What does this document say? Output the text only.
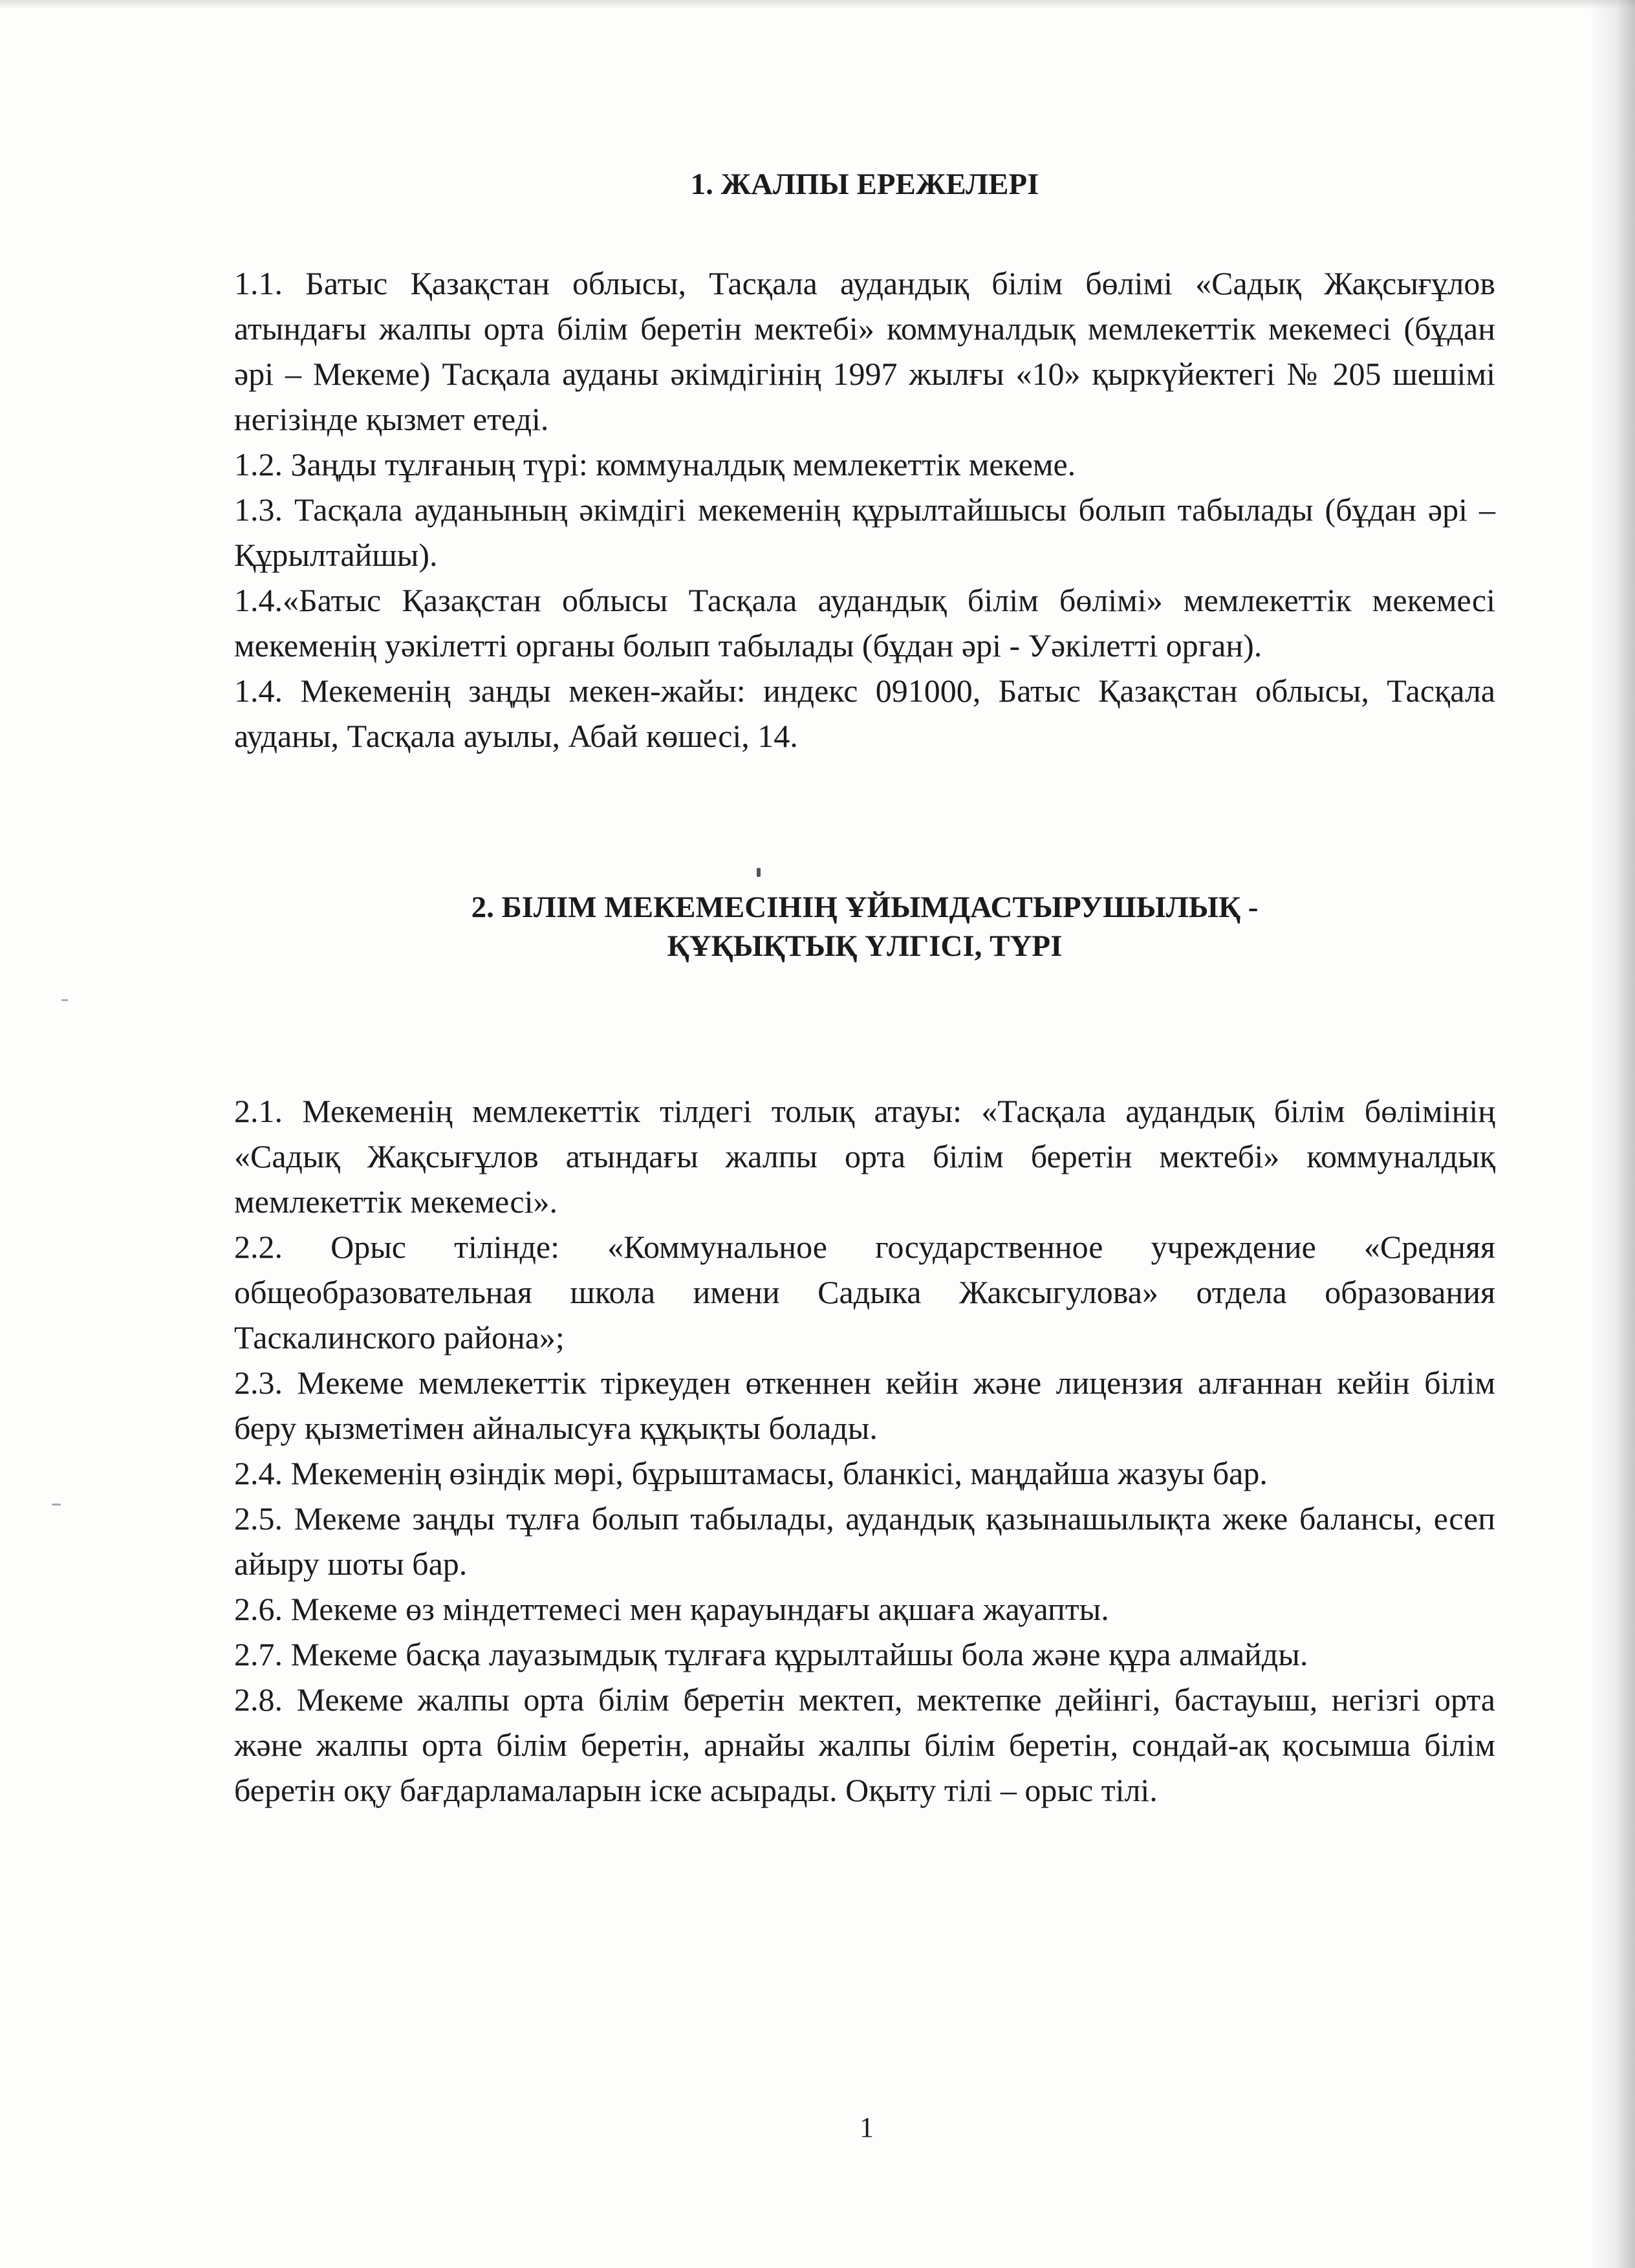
1. ЖАЛПЫ ЕРЕЖЕЛЕРІ

1.1. Батыс Қазақстан облысы, Тасқала аудандық білім бөлімі «Садық Жақсығұлов атындағы жалпы орта білім беретін мектебі» коммуналдық мемлекеттік мекемесі (бұдан әрі – Мекеме) Тасқала ауданы әкімдігінің 1997 жылғы «10» қыркүйектегі № 205 шешімі негізінде қызмет етеді.

1.2. Заңды тұлғаның түрі: коммуналдық мемлекеттік мекеме.

1.3. Тасқала ауданының әкімдігі мекеменің құрылтайшысы болып табылады (бұдан әрі – Құрылтайшы).

1.4.«Батыс Қазақстан облысы Тасқала аудандық білім бөлімі» мемлекеттік мекемесі мекеменің уәкілетті органы болып табылады (бұдан әрі - Уәкілетті орган).

1.4. Мекеменің заңды мекен-жайы: индекс 091000, Батыс Қазақстан облысы, Тасқала ауданы, Тасқала ауылы, Абай көшесі, 14.

2. БІЛІМ МЕКЕМЕСІНІҢ ҰЙЫМДАСТЫРУШЫЛЫҚ -
ҚҰҚЫҚТЫҚ ҮЛГІСІ, ТҮРІ

2.1. Мекеменің мемлекеттік тілдегі толық атауы: «Тасқала аудандық білім бөлімінің «Садық Жақсығұлов атындағы жалпы орта білім беретін мектебі» коммуналдық мемлекеттік мекемесі».

2.2. Орыс тілінде: «Коммунальное государственное учреждение «Средняя общеобразовательная школа имени Садыка Жаксыгулова» отдела образования Таскалинского района»;

2.3. Мекеме мемлекеттік тіркеуден өткеннен кейін және лицензия алғаннан кейін білім беру қызметімен айналысуға құқықты болады.

2.4. Мекеменің өзіндік мөрі, бұрыштамасы, бланкісі, маңдайша жазуы бар.

2.5. Мекеме заңды тұлға болып табылады, аудандық қазынашылықта жеке балансы, есеп айыру шоты бар.

2.6. Мекеме өз міндеттемесі мен қарауындағы ақшаға жауапты.

2.7. Мекеме басқа лауазымдық тұлғаға құрылтайшы бола және құра алмайды.

2.8. Мекеме жалпы орта білім беретін мектеп, мектепке дейінгі, бастауыш, негізгі орта және жалпы орта білім беретін, арнайы жалпы білім беретін, сондай-ақ қосымша білім беретін оқу бағдарламаларын іске асырады. Оқыту тілі – орыс тілі.

1
